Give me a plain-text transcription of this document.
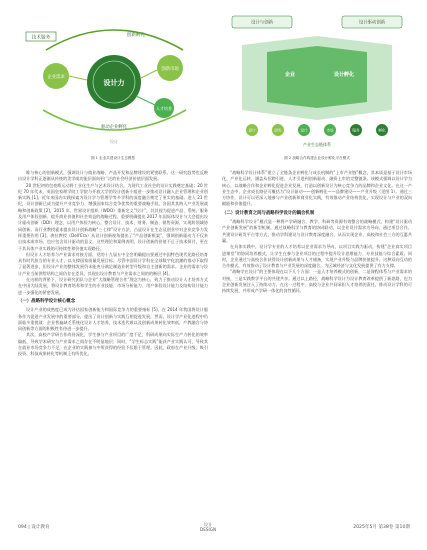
技术服务	创新孵化
设计力
企业需求
创新市场
人才培养
驱动企业孵化
设计
图 1 企业共建设计生态模型
设计与创新	设计驱动创新
企业	设计孵化
设计	研发	设计	市场	服务	孵化
产业生态链体系
图 2 战略合作构建企业设计孵化平台模式

维与核心的创新模式，强调设计与商业战略、产品开发和品牌建设的紧密联系。这一研究趋势也反映出设计学科正逐渐从传统的美学或功能层面向更广泛的社会经济价值层面发展。

20 世纪初的包豪斯运动将工业化生产与艺术设计结合，为现代工业社会的设计实践奠定基础；20 世纪 70 年代末，英国皇家理学院工学院与开放大学的设计创新小组进一步推动设计融入企业管理和企业创新实践 [1]。近年来国内实践探索为设计学与管理学等多学科的深度融合奠定了更实的基础。进入 21 世纪，设计创新已成为提升产业竞争力、增强国家综合竞争优势的重要战略手段，各国其其纳入产业发展战略和创新政策 [2]，2015 年，世界设计组织（WDO）重新定义“设计”，其其视为促进产品、系统、服务及用户体验创新、提升商业价值和社会效益的战略过程。重要明确提出 2017 年国际体设计与大会提出设计驱动创新（DDI）理念，以用户体验为核心，整合设计、技术、财务、制造、销售资源，实现跨领域协同创新。而行业教授霍本提出设计创新战略“三七律”设计方法，凸显设计在生态及创业中对企业竞争力发挥重要作用 [3]。唐拉教授（Dell'Era）从设计创新视角提出了“产品创新框架”，强调创新驱动力不仅来自技术或市场，也应包含设计驱动的意义，这些理论和案例表明，设计创新的价值不止于技术探讨，更在于其具体产业实践的可持续性和价值实现路径。

但设计人才培养与产业需求对接方面，党的十九届五中全会明确提出要通过中国特色现代化路径培育具有时代担当的专业人才，以支撑国家质量发展目标。尽管中国设计学科在全球数字化浪潮的推动下取得了显著进步，但设计产业的整体发展仍未能充分满足制造业转型升级和自主创新的需求。企业的需求与设计产业当前供给结构之间仍存在差异，其现出设计教育与产业需求之间的的断层 [4]。

在这样的背景下，设计研究团队与企业“大战略管理合作”理念为核心，致力于推动设计人才培养方式在中国大陆发展，将设计教育培养和学生的专业技能、市场分析能力、用户体验设计能力及结构设计能力进一步强化的紧密发展。

（一）战略科学设计核心概念

设计产业的成熟度已成为评估国家创新能力和国际竞争力的重要指标 [5]。在 2014 年我国将设计服务作为促进产业发展中的重要部分，提出了设计创新与实践互相促进发展，然而，设计学产业化进程中仍面临多重挑战：企业普遍缺乏系统化设计人才培养，技术迭代难以及创新成果转化效率低，产教融合与协同创新等方面的积极性有待进一步提升。

其次，高校产学研合作尚待深化，学生参与产业项目的广度不足，科研成果向实际生产力转化的效率偏低，导致学术研究与产业需求之间存在不明显地层；同时，“学生标志实践”能获产业实践认可，导致其在就业市场竞争力不足，在企业的实践参与中所获得的经验不仅限于管理。因此，政府在产业升级、吸引投资、科技成果转化等机制上有所优化。

“战略科学设计体系”建立了全链条企业孵化与成长机制的“上市产业链”概念，其本质是基于设计市场化、产业化运转，涵盖从招聘引进、人才引进到创新驱动、融资上市的完整链条。该模式强调以设计学为核心，以战略合作和企业孵化促进企业发展，打造以创新设计为核心竞争力的品牌和企业文化。在这一产业生态中，企业成长路径可概括为“设计驱动——创新孵化——品牌建设——产业升级（见图 1）。通过三方协作，设计可以更深入地参与产业创新和商业化实践，有效推动产业结构优化，实现设计与产业的双向赋能和价值提升。

（二）设计教育之间与战略科学设计的耦合机制

“战略科学设计”模式是一种将产学研融合、教学、科研等资源有效整合的战略模式，构建“设计驱动产业创新发展”的新型机制。通过战略科学与教育的协同联动，以企业设计需求为导向，通过项目合作、共建设计研发平台等方式，推动学科建设与设计教育深度融合，从而实现企业、高校和社会三方的互惠共赢。

在具体实践中，设计学专业的人才培养以企业需求为导向，以项目实践为驱动，构建“企业真实项目进课堂”的协同培养模式，让学生在参与企业项目的过程中提升设计思维能力、专业技能与综合素质。同时，企业通过与高校合作获得设计创新成果与人才储备，实现产业升级与品牌价值提升。这种双向互动的合作模式，有效推动了设计教育与产业发展的深度融合，为区域经济与文化发展提供了有力支撑。

“战略学在设计”的主要体现在以下几个方面：一是人才培养模式的创新，二是课程体系与产业需求的对接，三是实践教学平台的共建共享。通过以上路径，战略科学设计为设计教育改革提供了新思路，也为企业创新发展注入了持续动力。在这一过程中，高校与企业共同承担人才培养的责任，推动设计学科的可持续发展，并形成产学研一体化的良性循环。

094 | 设计教育
设计
DESIGN	2025年5月 第38卷 第10期
